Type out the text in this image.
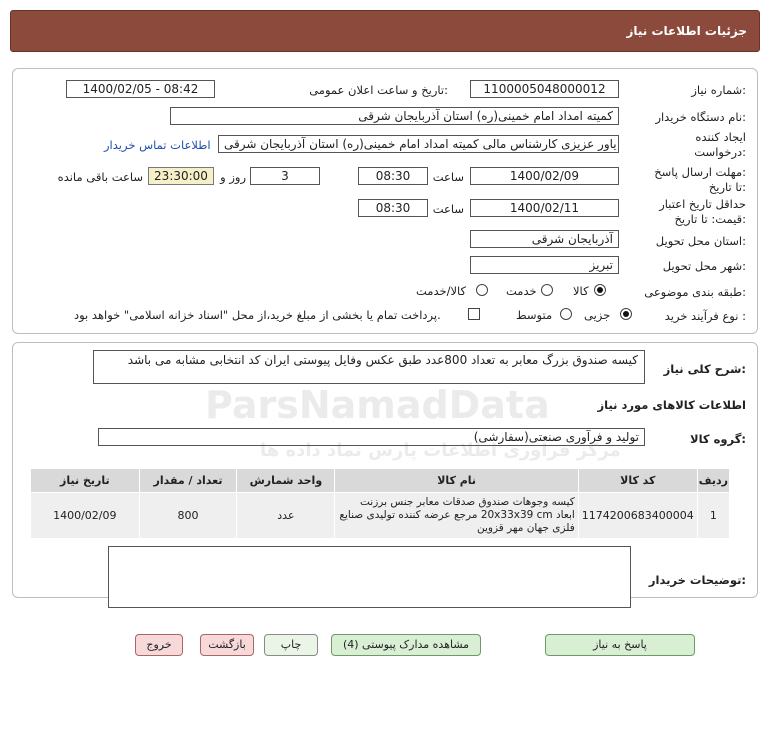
جزئیات اطلاعات نیاز
شماره نیاز:
1100005048000012
تاریخ و ساعت اعلان عمومی:
1400/02/05 - 08:42
نام دستگاه خریدار:
کمیته امداد امام خمینی(ره) استان آذربایجان شرقی
ایجاد کننده
درخواست:
یاور عزیزی کارشناس مالی کمیته امداد امام خمینی(ره) استان آذربایجان شرقی
اطلاعات تماس خریدار
مهلت ارسال پاسخ:
تا تاریخ:
1400/02/09
ساعت
08:30
3
روز و
23:30:00
ساعت باقی مانده
حداقل تاریخ اعتبار
قیمت: تا تاریخ:
1400/02/11
ساعت
08:30
استان محل تحویل:
آذربایجان شرقی
شهر محل تحویل:
تبریز
طبقه بندی موضوعی:
کالا
خدمت
کالا/خدمت
نوع فرآیند خرید :
جزیی
متوسط
پرداخت تمام یا بخشی از مبلغ خرید،از محل "اسناد خزانه اسلامی" خواهد بود.
شرح کلی نیاز:
کیسه صندوق بزرگ معابر به تعداد 800عدد طبق عکس وفایل پیوستی ایران کد انتخابی مشابه می باشد
اطلاعات کالاهای مورد نیاز
گروه کالا:
تولید و فرآوری صنعتی(سفارشی)
ردیف	کد کالا	نام کالا	واحد شمارش	تعداد / مقدار	تاریخ نیاز
1	1174200683400004	کیسه وجوهات صندوق صدقات معابر جنس برزنت ابعاد 20x33x39 cm مرجع عرضه کننده تولیدی صنایع فلزی جهان مهر قزوین	عدد	800	1400/02/09
توضیحات خریدار:
پاسخ به نیاز
مشاهده مدارک پیوستی (4)
چاپ
بازگشت
خروج
